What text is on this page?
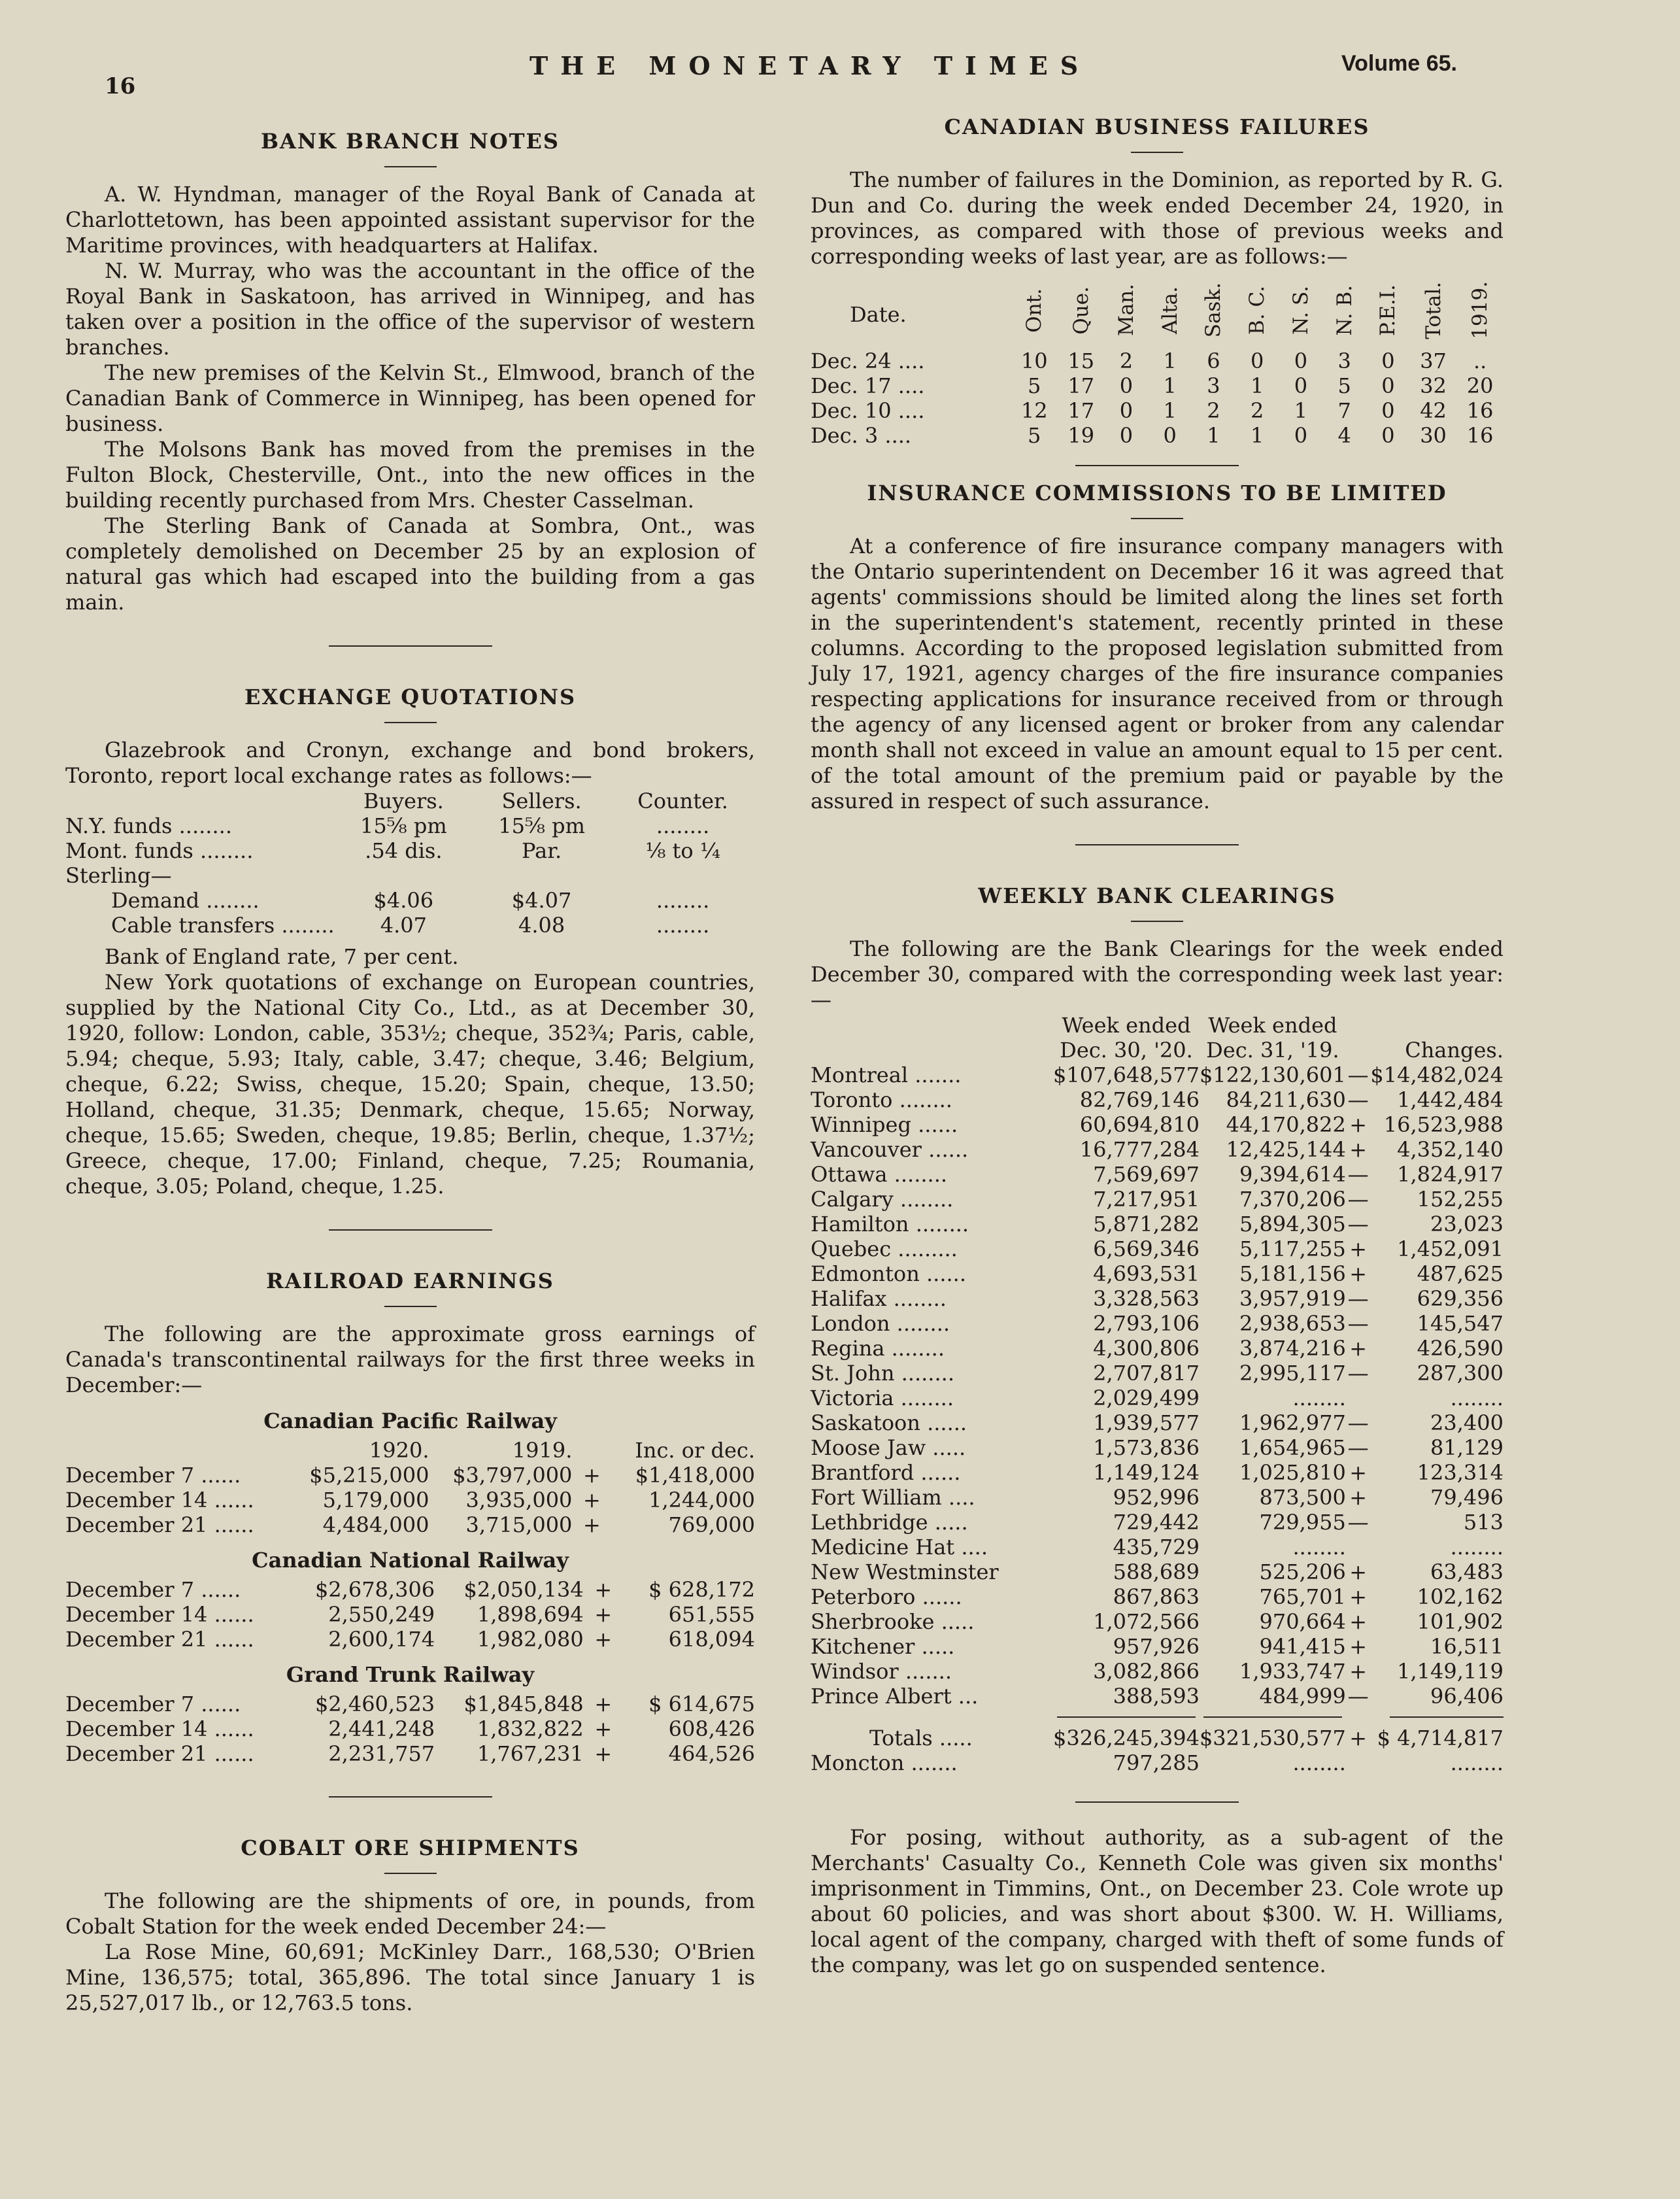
16
THE MONETARY TIMES	Volume 65.
BANK BRANCH NOTES

A. W. Hyndman, manager of the Royal Bank of Canada at Charlottetown, has been appointed assistant supervisor for the Maritime provinces, with headquarters at Halifax.

N. W. Murray, who was the accountant in the office of the Royal Bank in Saskatoon, has arrived in Winnipeg, and has taken over a position in the office of the supervisor of western branches.

The new premises of the Kelvin St., Elmwood, branch of the Canadian Bank of Commerce in Winnipeg, has been opened for business.

The Molsons Bank has moved from the premises in the Fulton Block, Chesterville, Ont., into the new offices in the building recently purchased from Mrs. Chester Casselman.

The Sterling Bank of Canada at Sombra, Ont., was completely demolished on December 25 by an explosion of natural gas which had escaped into the building from a gas main.

EXCHANGE QUOTATIONS

Glazebrook and Cronyn, exchange and bond brokers, Toronto, report local exchange rates as follows:—

	Buyers.	Sellers.	Counter.
N.Y. funds ........	15⅝ pm	15⅝ pm	........
Mont. funds ........	.54 dis.	Par.	⅛ to ¼
Sterling—			
Demand ........	$4.06	$4.07	........
Cable transfers ........	4.07	4.08	........

Bank of England rate, 7 per cent.

New York quotations of exchange on European countries, supplied by the National City Co., Ltd., as at December 30, 1920, follow: London, cable, 353½; cheque, 352¾; Paris, cable, 5.94; cheque, 5.93; Italy, cable, 3.47; cheque, 3.46; Belgium, cheque, 6.22; Swiss, cheque, 15.20; Spain, cheque, 13.50; Holland, cheque, 31.35; Denmark, cheque, 15.65; Norway, cheque, 15.65; Sweden, cheque, 19.85; Berlin, cheque, 1.37½; Greece, cheque, 17.00; Finland, cheque, 7.25; Roumania, cheque, 3.05; Poland, cheque, 1.25.

RAILROAD EARNINGS

The following are the approximate gross earnings of Canada's transcontinental railways for the first three weeks in December:—

Canadian Pacific Railway
	1920.	1919.		Inc. or dec.
December 7 ......	$5,215,000	$3,797,000	+	$1,418,000
December 14 ......	5,179,000	3,935,000	+	1,244,000
December 21 ......	4,484,000	3,715,000	+	769,000
Canadian National Railway
December 7 ......	$2,678,306	$2,050,134	+	$ 628,172
December 14 ......	2,550,249	1,898,694	+	651,555
December 21 ......	2,600,174	1,982,080	+	618,094
Grand Trunk Railway
December 7 ......	$2,460,523	$1,845,848	+	$ 614,675
December 14 ......	2,441,248	1,832,822	+	608,426
December 21 ......	2,231,757	1,767,231	+	464,526
COBALT ORE SHIPMENTS

The following are the shipments of ore, in pounds, from Cobalt Station for the week ended December 24:—

La Rose Mine, 60,691; McKinley Darr., 168,530; O'Brien Mine, 136,575; total, 365,896. The total since January 1 is 25,527,017 lb., or 12,763.5 tons.

CANADIAN BUSINESS FAILURES

The number of failures in the Dominion, as reported by R. G. Dun and Co. during the week ended December 24, 1920, in provinces, as compared with those of previous weeks and corresponding weeks of last year, are as follows:—

Date.	Ont.	Que.	Man.	Alta.	Sask.	B. C.	N. S.	N. B.	P.E.I.	Total.	1919.
Dec. 24 ....	10	15	2	1	6	0	0	3	0	37	..
Dec. 17 ....	5	17	0	1	3	1	0	5	0	32	20
Dec. 10 ....	12	17	0	1	2	2	1	7	0	42	16
Dec. 3 ....	5	19	0	0	1	1	0	4	0	30	16
INSURANCE COMMISSIONS TO BE LIMITED

At a conference of fire insurance company managers with the Ontario superintendent on December 16 it was agreed that agents' commissions should be limited along the lines set forth in the superintendent's statement, recently printed in these columns. According to the proposed legislation submitted from July 17, 1921, agency charges of the fire insurance companies respecting applications for insurance received from or through the agency of any licensed agent or broker from any calendar month shall not exceed in value an amount equal to 15 per cent. of the total amount of the premium paid or payable by the assured in respect of such assurance.

WEEKLY BANK CLEARINGS

The following are the Bank Clearings for the week ended December 30, compared with the corresponding week last year:—

	Week ended	Week ended		
	Dec. 30, '20.	Dec. 31, '19.		Changes.
Montreal .......	$107,648,577	$122,130,601	—	$14,482,024
Toronto ........	82,769,146	84,211,630	—	1,442,484
Winnipeg ......	60,694,810	44,170,822	+	16,523,988
Vancouver ......	16,777,284	12,425,144	+	4,352,140
Ottawa ........	7,569,697	9,394,614	—	1,824,917
Calgary ........	7,217,951	7,370,206	—	152,255
Hamilton ........	5,871,282	5,894,305	—	23,023
Quebec .........	6,569,346	5,117,255	+	1,452,091
Edmonton ......	4,693,531	5,181,156	+	487,625
Halifax ........	3,328,563	3,957,919	—	629,356
London ........	2,793,106	2,938,653	—	145,547
Regina ........	4,300,806	3,874,216	+	426,590
St. John ........	2,707,817	2,995,117	—	287,300
Victoria ........	2,029,499	........		........
Saskatoon ......	1,939,577	1,962,977	—	23,400
Moose Jaw .....	1,573,836	1,654,965	—	81,129
Brantford ......	1,149,124	1,025,810	+	123,314
Fort William ....	952,996	873,500	+	79,496
Lethbridge .....	729,442	729,955	—	513
Medicine Hat ....	435,729	........		........
New Westminster	588,689	525,206	+	63,483
Peterboro ......	867,863	765,701	+	102,162
Sherbrooke .....	1,072,566	970,664	+	101,902
Kitchener .....	957,926	941,415	+	16,511
Windsor .......	3,082,866	1,933,747	+	1,149,119
Prince Albert ...	388,593	484,999	—	96,406

Totals .....	$326,245,394	$321,530,577	+	$ 4,714,817
Moncton .......	797,285	........		........

For posing, without authority, as a sub-agent of the Merchants' Casualty Co., Kenneth Cole was given six months' imprisonment in Timmins, Ont., on December 23. Cole wrote up about 60 policies, and was short about $300. W. H. Williams, local agent of the company, charged with theft of some funds of the company, was let go on suspended sentence.
